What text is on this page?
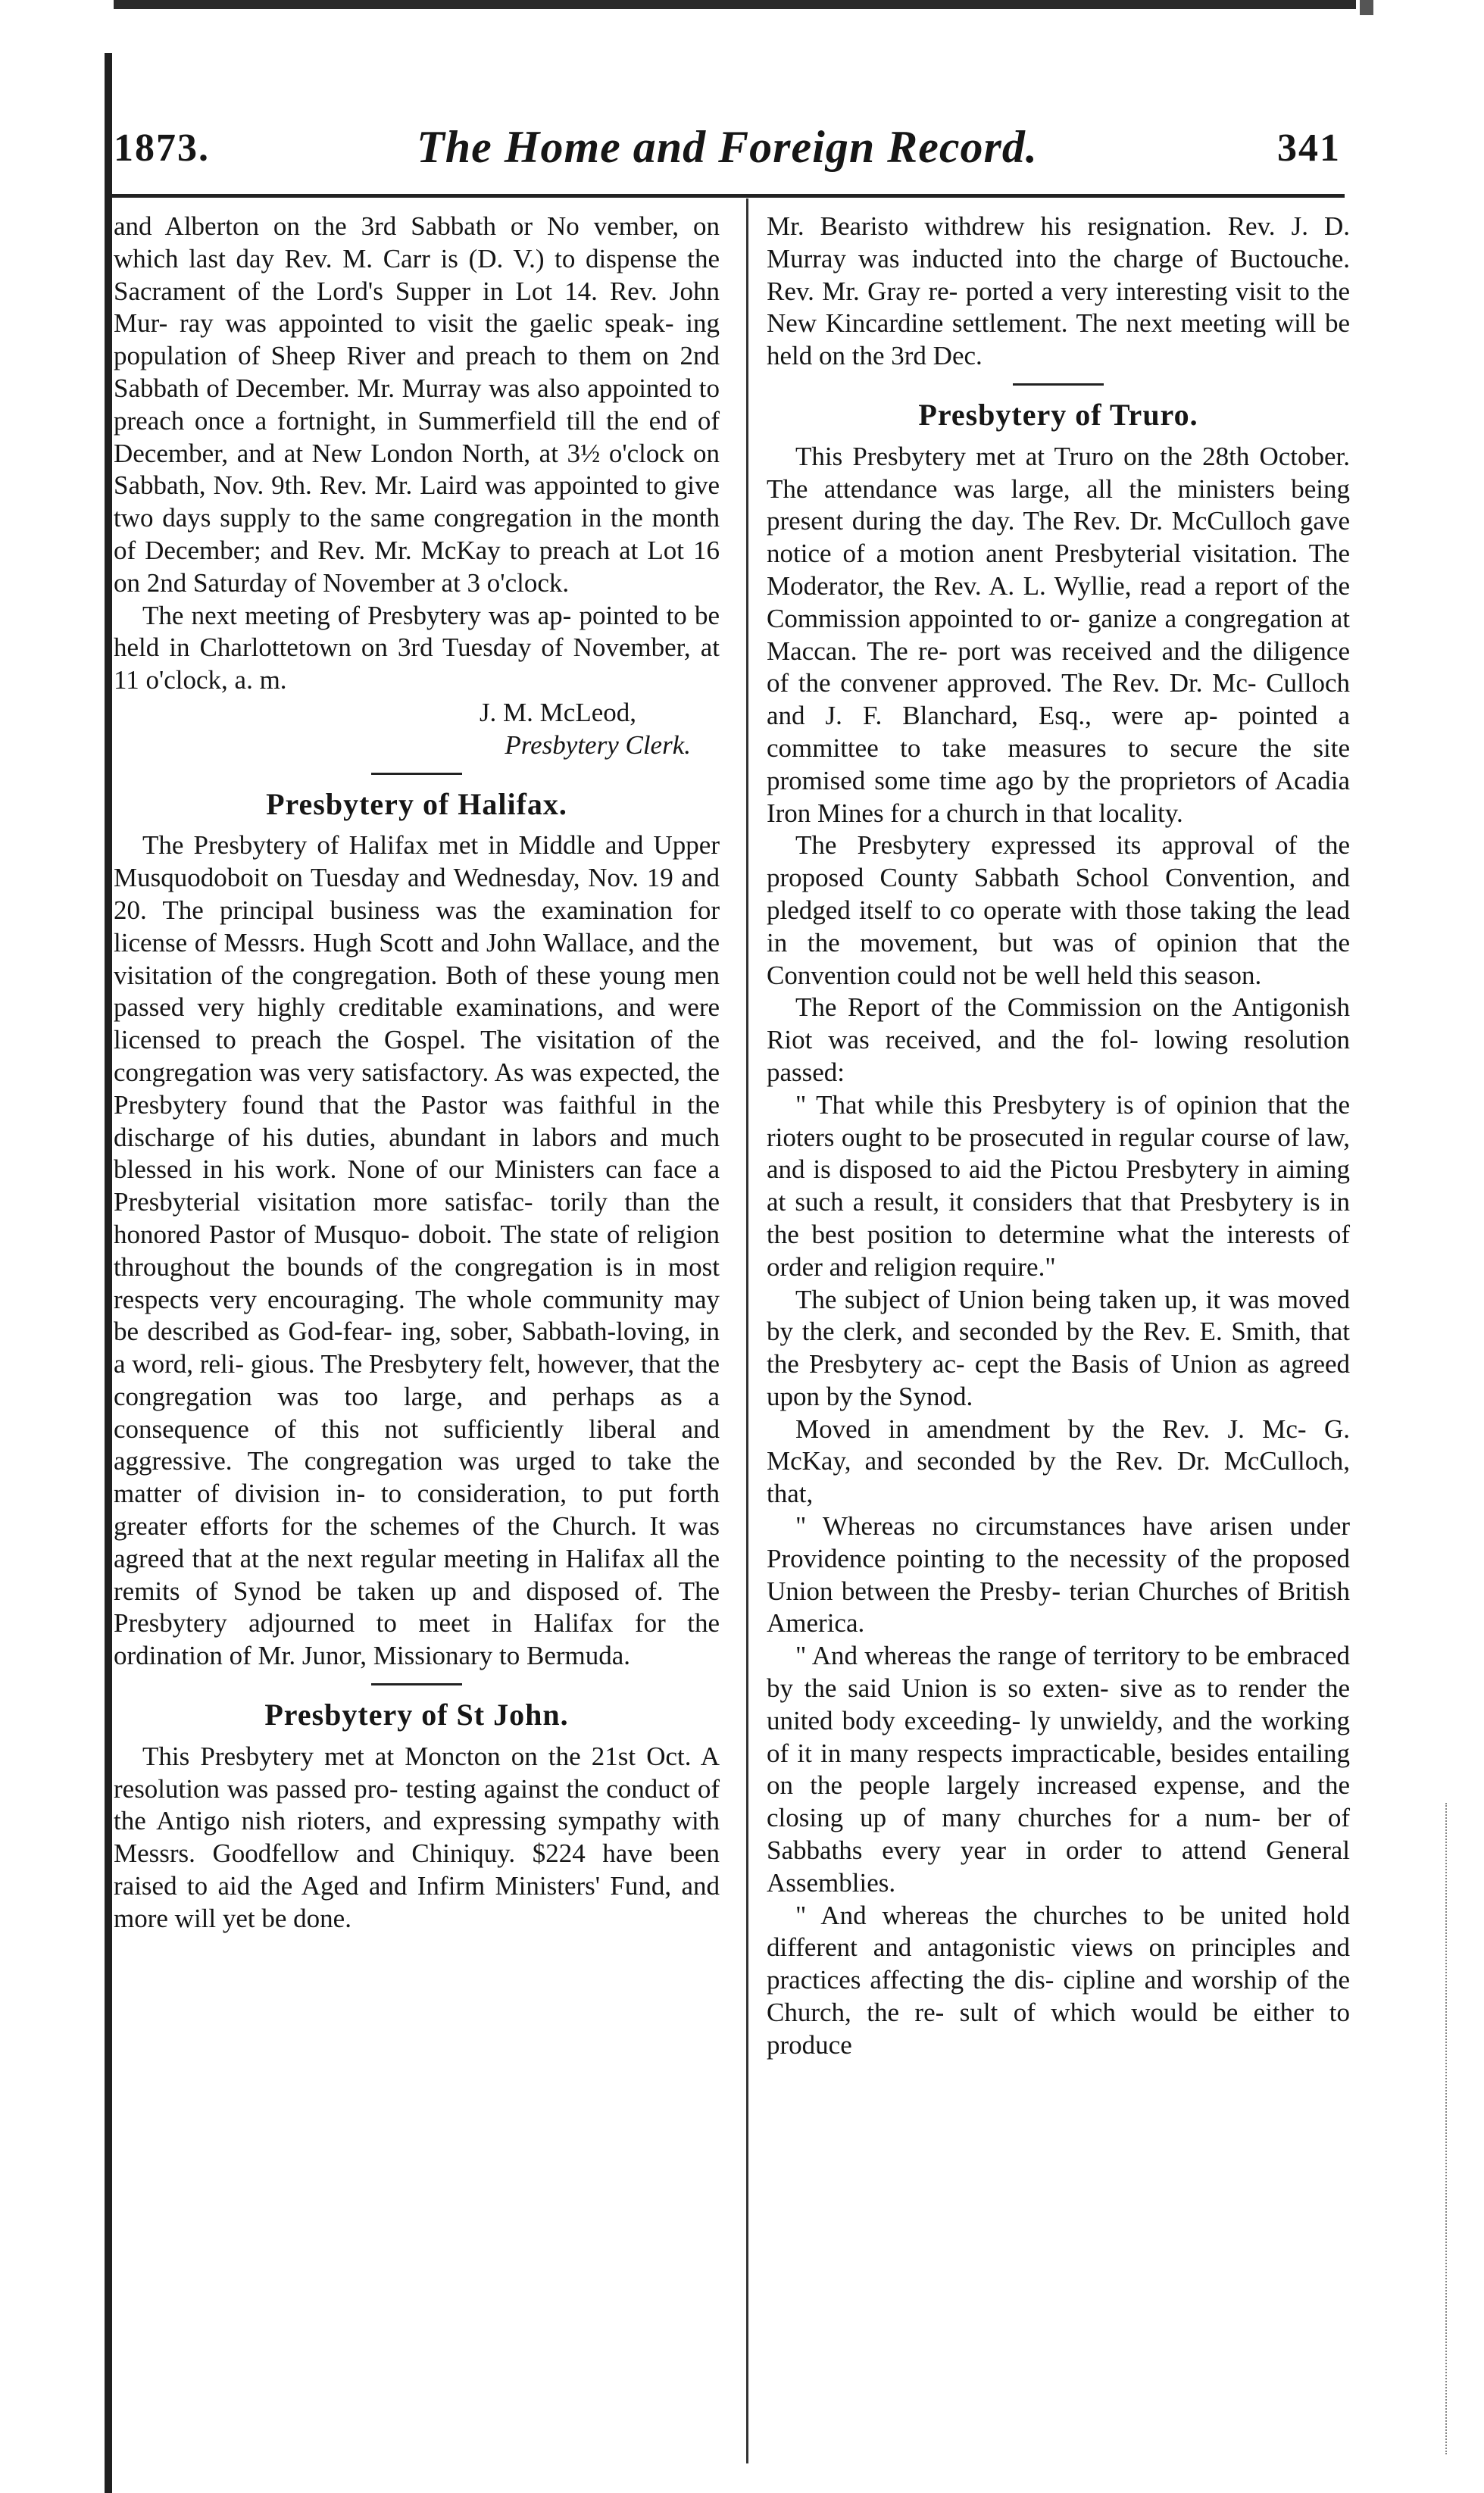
1873.	The Home and Foreign Record.	341

and Alberton on the 3rd Sabbath or No vember, on which last day Rev. M. Carr is (D. V.) to dispense the Sacrament of the Lord's Supper in Lot 14. Rev. John Mur- ray was appointed to visit the gaelic speak- ing population of Sheep River and preach to them on 2nd Sabbath of December. Mr. Murray was also appointed to preach once a fortnight, in Summerfield till the end of December, and at New London North, at 3½ o'clock on Sabbath, Nov. 9th. Rev. Mr. Laird was appointed to give two days supply to the same congregation in the month of December; and Rev. Mr. McKay to preach at Lot 16 on 2nd Saturday of November at 3 o'clock.

The next meeting of Presbytery was ap- pointed to be held in Charlottetown on 3rd Tuesday of November, at 11 o'clock, a. m.

J. M. McLeod,

Presbytery Clerk.

Presbytery of Halifax.

The Presbytery of Halifax met in Middle and Upper Musquodoboit on Tuesday and Wednesday, Nov. 19 and 20. The principal business was the examination for license of Messrs. Hugh Scott and John Wallace, and the visitation of the congregation. Both of these young men passed very highly creditable examinations, and were licensed to preach the Gospel. The visitation of the congregation was very satisfactory. As was expected, the Presbytery found that the Pastor was faithful in the discharge of his duties, abundant in labors and much blessed in his work. None of our Ministers can face a Presbyterial visitation more satisfac- torily than the honored Pastor of Musquo- doboit. The state of religion throughout the bounds of the congregation is in most respects very encouraging. The whole community may be described as God-fear- ing, sober, Sabbath-loving, in a word, reli- gious. The Presbytery felt, however, that the congregation was too large, and perhaps as a consequence of this not sufficiently liberal and aggressive. The congregation was urged to take the matter of division in- to consideration, to put forth greater efforts for the schemes of the Church. It was agreed that at the next regular meeting in Halifax all the remits of Synod be taken up and disposed of. The Presbytery adjourned to meet in Halifax for the ordination of Mr. Junor, Missionary to Bermuda.

Presbytery of St John.

This Presbytery met at Moncton on the 21st Oct. A resolution was passed pro- testing against the conduct of the Antigo nish rioters, and expressing sympathy with Messrs. Goodfellow and Chiniquy. $224 have been raised to aid the Aged and Infirm Ministers' Fund, and more will yet be done.

Mr. Bearisto withdrew his resignation. Rev. J. D. Murray was inducted into the charge of Buctouche. Rev. Mr. Gray re- ported a very interesting visit to the New Kincardine settlement. The next meeting will be held on the 3rd Dec.

Presbytery of Truro.

This Presbytery met at Truro on the 28th October. The attendance was large, all the ministers being present during the day. The Rev. Dr. McCulloch gave notice of a motion anent Presbyterial visitation. The Moderator, the Rev. A. L. Wyllie, read a report of the Commission appointed to or- ganize a congregation at Maccan. The re- port was received and the diligence of the convener approved. The Rev. Dr. Mc- Culloch and J. F. Blanchard, Esq., were ap- pointed a committee to take measures to secure the site promised some time ago by the proprietors of Acadia Iron Mines for a church in that locality.

The Presbytery expressed its approval of the proposed County Sabbath School Convention, and pledged itself to co operate with those taking the lead in the movement, but was of opinion that the Convention could not be well held this season.

The Report of the Commission on the Antigonish Riot was received, and the fol- lowing resolution passed:

" That while this Presbytery is of opinion that the rioters ought to be prosecuted in regular course of law, and is disposed to aid the Pictou Presbytery in aiming at such a result, it considers that that Presbytery is in the best position to determine what the interests of order and religion require."

The subject of Union being taken up, it was moved by the clerk, and seconded by the Rev. E. Smith, that the Presbytery ac- cept the Basis of Union as agreed upon by the Synod.

Moved in amendment by the Rev. J. Mc- G. McKay, and seconded by the Rev. Dr. McCulloch, that,

" Whereas no circumstances have arisen under Providence pointing to the necessity of the proposed Union between the Presby- terian Churches of British America.

" And whereas the range of territory to be embraced by the said Union is so exten- sive as to render the united body exceeding- ly unwieldy, and the working of it in many respects impracticable, besides entailing on the people largely increased expense, and the closing up of many churches for a num- ber of Sabbaths every year in order to attend General Assemblies.

" And whereas the churches to be united hold different and antagonistic views on principles and practices affecting the dis- cipline and worship of the Church, the re- sult of which would be either to produce
